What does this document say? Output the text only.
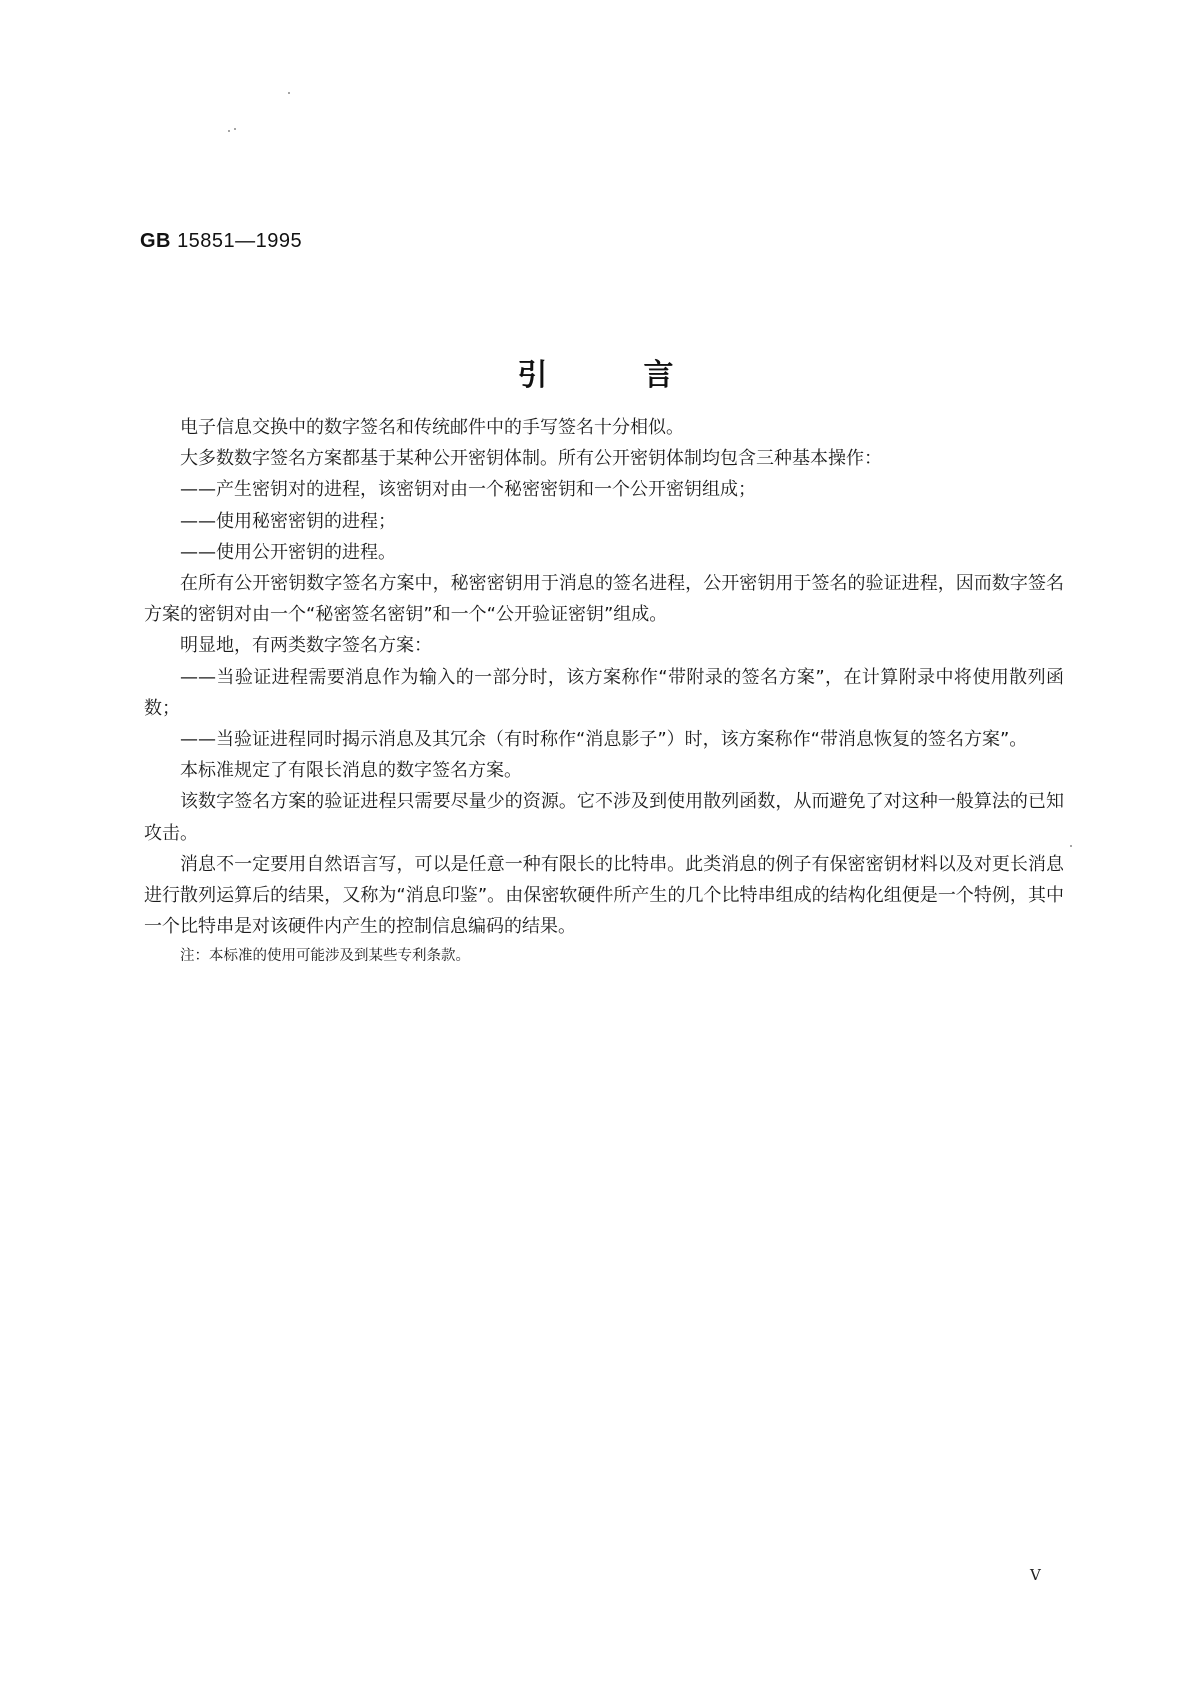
GB 15851—1995
引言

电子信息交换中的数字签名和传统邮件中的手写签名十分相似。

大多数数字签名方案都基于某种公开密钥体制。所有公开密钥体制均包含三种基本操作：

——产生密钥对的进程，该密钥对由一个秘密密钥和一个公开密钥组成；

——使用秘密密钥的进程；

——使用公开密钥的进程。

在所有公开密钥数字签名方案中，秘密密钥用于消息的签名进程，公开密钥用于签名的验证进程，因而数字签名方案的密钥对由一个“秘密签名密钥”和一个“公开验证密钥”组成。

明显地，有两类数字签名方案：

——当验证进程需要消息作为输入的一部分时，该方案称作“带附录的签名方案”，在计算附录中将使用散列函数；

——当验证进程同时揭示消息及其冗余（有时称作“消息影子”）时，该方案称作“带消息恢复的签名方案”。

本标准规定了有限长消息的数字签名方案。

该数字签名方案的验证进程只需要尽量少的资源。它不涉及到使用散列函数，从而避免了对这种一般算法的已知攻击。

消息不一定要用自然语言写，可以是任意一种有限长的比特串。此类消息的例子有保密密钥材料以及对更长消息进行散列运算后的结果，又称为“消息印鉴”。由保密软硬件所产生的几个比特串组成的结构化组便是一个特例，其中一个比特串是对该硬件内产生的控制信息编码的结果。

注：本标准的使用可能涉及到某些专利条款。

V
